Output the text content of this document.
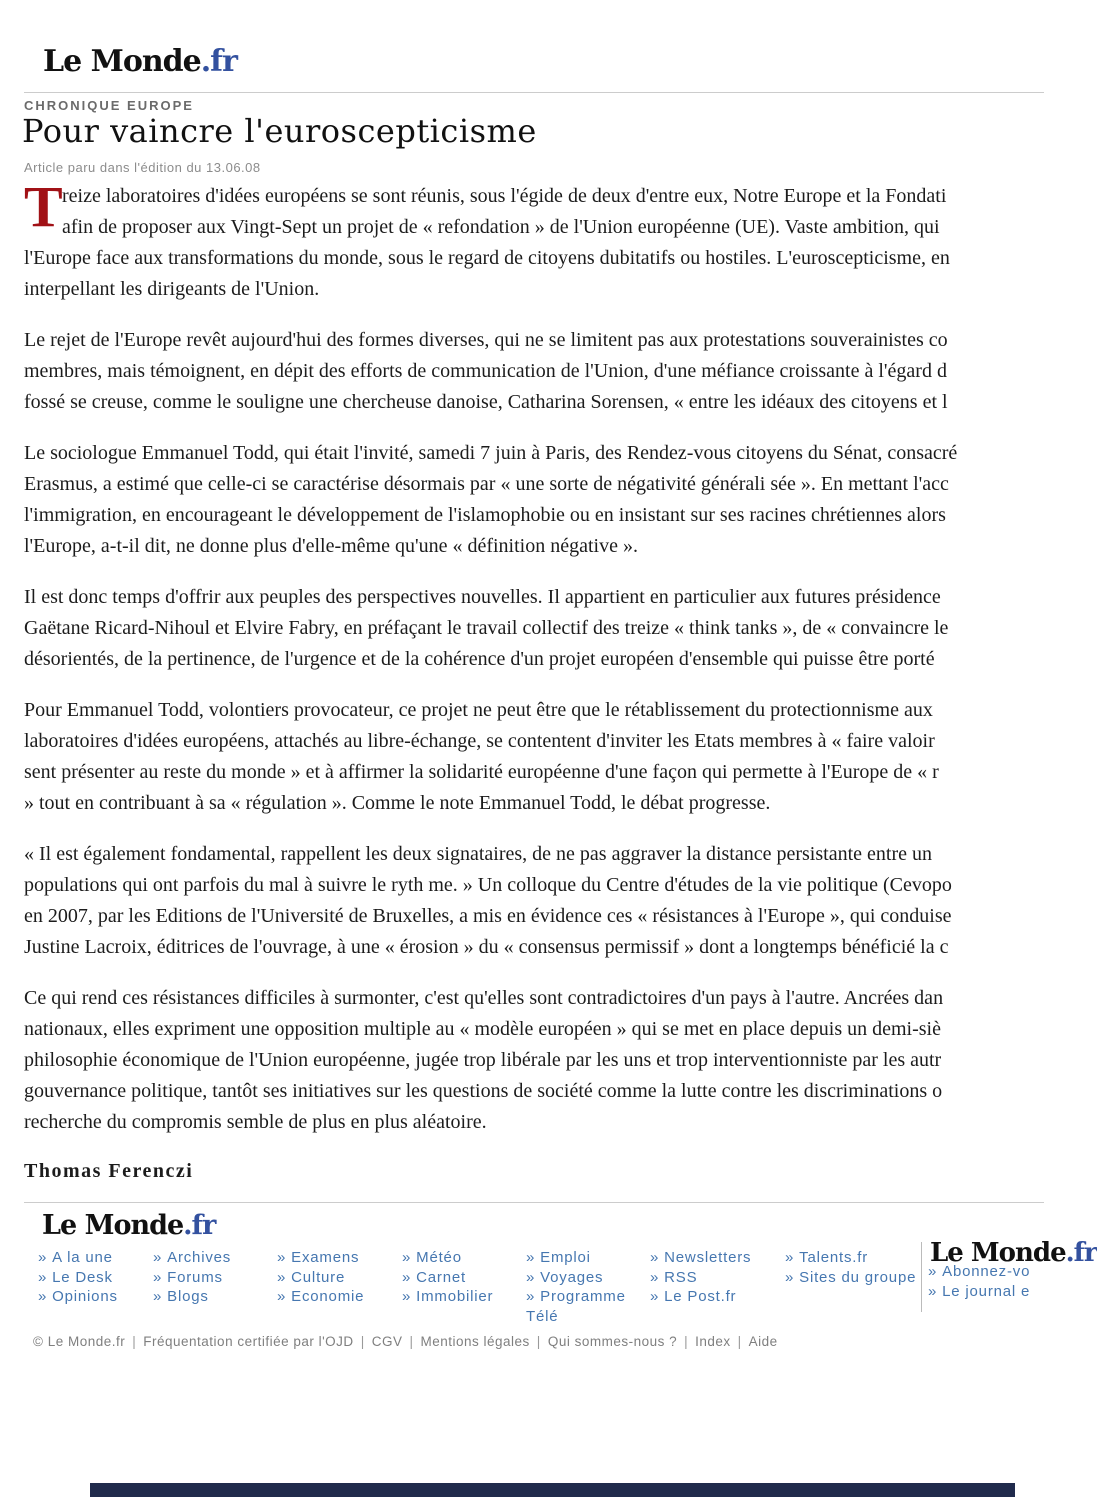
Le Monde.fr
CHRONIQUE EUROPE
Pour vaincre l'euroscepticisme
Article paru dans l'édition du 13.06.08
T reize laboratoires d'idées européens se sont réunis, sous l'égide de deux d'entre eux, Notre Europe et la Fondati
afin de proposer aux Vingt-Sept un projet de « refondation » de l'Union européenne (UE). Vaste ambition, qui
l'Europe face aux transformations du monde, sous le regard de citoyens dubitatifs ou hostiles. L'euroscepticisme, en
interpellant les dirigeants de l'Union.
Le rejet de l'Europe revêt aujourd'hui des formes diverses, qui ne se limitent pas aux protestations souverainistes co
membres, mais témoignent, en dépit des efforts de communication de l'Union, d'une méfiance croissante à l'égard d
fossé se creuse, comme le souligne une chercheuse danoise, Catharina Sorensen, « entre les idéaux des citoyens et l
Le sociologue Emmanuel Todd, qui était l'invité, samedi 7 juin à Paris, des Rendez-vous citoyens du Sénat, consacré
Erasmus, a estimé que celle-ci se caractérise désormais par « une sorte de négativité générali sée ». En mettant l'acc
l'immigration, en encourageant le développement de l'islamophobie ou en insistant sur ses racines chrétiennes alors
l'Europe, a-t-il dit, ne donne plus d'elle-même qu'une « définition négative ».
Il est donc temps d'offrir aux peuples des perspectives nouvelles. Il appartient en particulier aux futures présidence
Gaëtane Ricard-Nihoul et Elvire Fabry, en préfaçant le travail collectif des treize « think tanks », de « convaincre le
désorientés, de la pertinence, de l'urgence et de la cohérence d'un projet européen d'ensemble qui puisse être porté
Pour Emmanuel Todd, volontiers provocateur, ce projet ne peut être que le rétablissement du protectionnisme aux
laboratoires d'idées européens, attachés au libre-échange, se contentent d'inviter les Etats membres à « faire valoir
sent présenter au reste du monde » et à affirmer la solidarité européenne d'une façon qui permette à l'Europe de « r
» tout en contribuant à sa « régulation ». Comme le note Emmanuel Todd, le débat progresse.
« Il est également fondamental, rappellent les deux signataires, de ne pas aggraver la distance persistante entre un
populations qui ont parfois du mal à suivre le ryth me. » Un colloque du Centre d'études de la vie politique (Cevopo
en 2007, par les Editions de l'Université de Bruxelles, a mis en évidence ces « résistances à l'Europe », qui conduise
Justine Lacroix, éditrices de l'ouvrage, à une « érosion » du « consensus permissif » dont a longtemps bénéficié la c
Ce qui rend ces résistances difficiles à surmonter, c'est qu'elles sont contradictoires d'un pays à l'autre. Ancrées dan
nationaux, elles expriment une opposition multiple au « modèle européen » qui se met en place depuis un demi-siè
philosophie économique de l'Union européenne, jugée trop libérale par les uns et trop interventionniste par les autr
gouvernance politique, tantôt ses initiatives sur les questions de société comme la lutte contre les discriminations o
recherche du compromis semble de plus en plus aléatoire.
Thomas Ferenczi
Le Monde.fr
» A la une
» Le Desk
» Opinions
» Archives
» Forums
» Blogs
» Examens
» Culture
» Economie
» Météo
» Carnet
» Immobilier
» Emploi
» Voyages
» Programme Télé
» Newsletters
» RSS
» Le Post.fr
» Talents.fr
» Sites du groupe
Le Monde.fr
» Abonnez-vo
» Le journal e
© Le Monde.fr | Fréquentation certifiée par l'OJD | CGV | Mentions légales | Qui sommes-nous ? | Index | Aide
